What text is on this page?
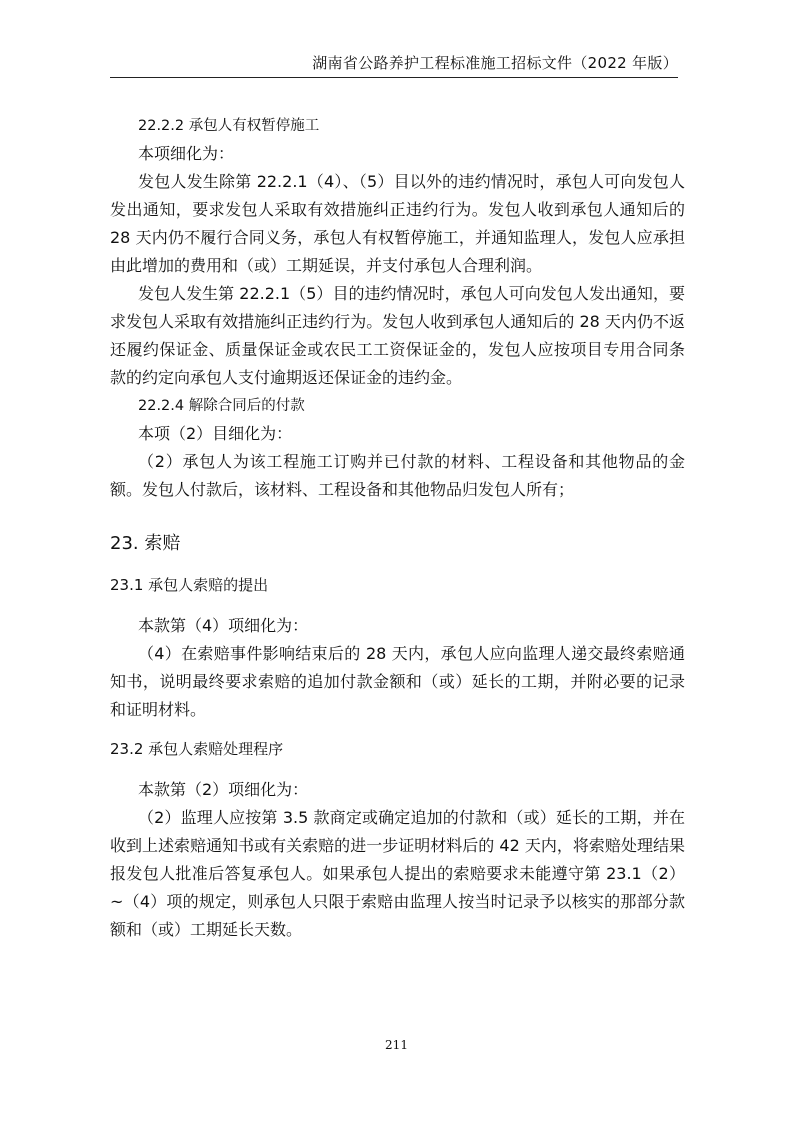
湖南省公路养护工程标准施工招标文件（2022 年版）

22.2.2 承包人有权暂停施工

本项细化为：

发包人发生除第 22.2.1（4）、（5）目以外的违约情况时，承包人可向发包人发出通知，要求发包人采取有效措施纠正违约行为。发包人收到承包人通知后的 28 天内仍不履行合同义务，承包人有权暂停施工，并通知监理人，发包人应承担由此增加的费用和（或）工期延误，并支付承包人合理利润。

发包人发生第 22.2.1（5）目的违约情况时，承包人可向发包人发出通知，要求发包人采取有效措施纠正违约行为。发包人收到承包人通知后的 28 天内仍不返还履约保证金、质量保证金或农民工工资保证金的，发包人应按项目专用合同条款的约定向承包人支付逾期返还保证金的违约金。

22.2.4 解除合同后的付款

本项（2）目细化为：

（2）承包人为该工程施工订购并已付款的材料、工程设备和其他物品的金额。发包人付款后，该材料、工程设备和其他物品归发包人所有；

23. 索赔

23.1 承包人索赔的提出

本款第（4）项细化为：

（4）在索赔事件影响结束后的 28 天内，承包人应向监理人递交最终索赔通知书，说明最终要求索赔的追加付款金额和（或）延长的工期，并附必要的记录和证明材料。

23.2 承包人索赔处理程序

本款第（2）项细化为：

（2）监理人应按第 3.5 款商定或确定追加的付款和（或）延长的工期，并在收到上述索赔通知书或有关索赔的进一步证明材料后的 42 天内，将索赔处理结果报发包人批准后答复承包人。如果承包人提出的索赔要求未能遵守第 23.1（2）~（4）项的规定，则承包人只限于索赔由监理人按当时记录予以核实的那部分款额和（或）工期延长天数。

211
